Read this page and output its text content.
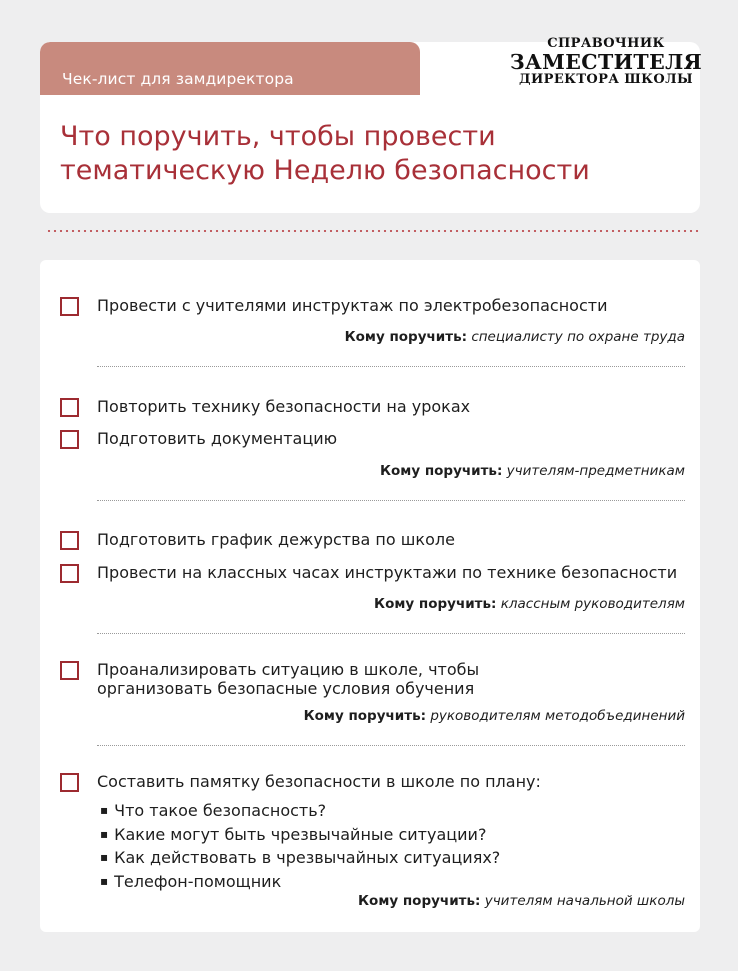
Чек-лист для замдиректора
Что поручить, чтобы провести
тематическую Неделю безопасности
СПРАВОЧНИК
ЗАМЕСТИТЕЛЯ
ДИРЕКТОРА ШКОЛЫ
Провести с учителями инструктаж по электробезопасности
Кому поручить: специалисту по охране труда
Повторить технику безопасности на уроках
Подготовить документацию
Кому поручить: учителям-предметникам
Подготовить график дежурства по школе
Провести на классных часах инструктажи по технике безопасности
Кому поручить: классным руководителям
Проанализировать ситуацию в школе, чтобы организовать безопасные условия обучения
Кому поручить: руководителям методобъединений
Составить памятку безопасности в школе по плану:
▪ Что такое безопасность?
▪ Какие могут быть чрезвычайные ситуации?
▪ Как действовать в чрезвычайных ситуациях?
▪ Телефон-помощник
Кому поручить: учителям начальной школы
